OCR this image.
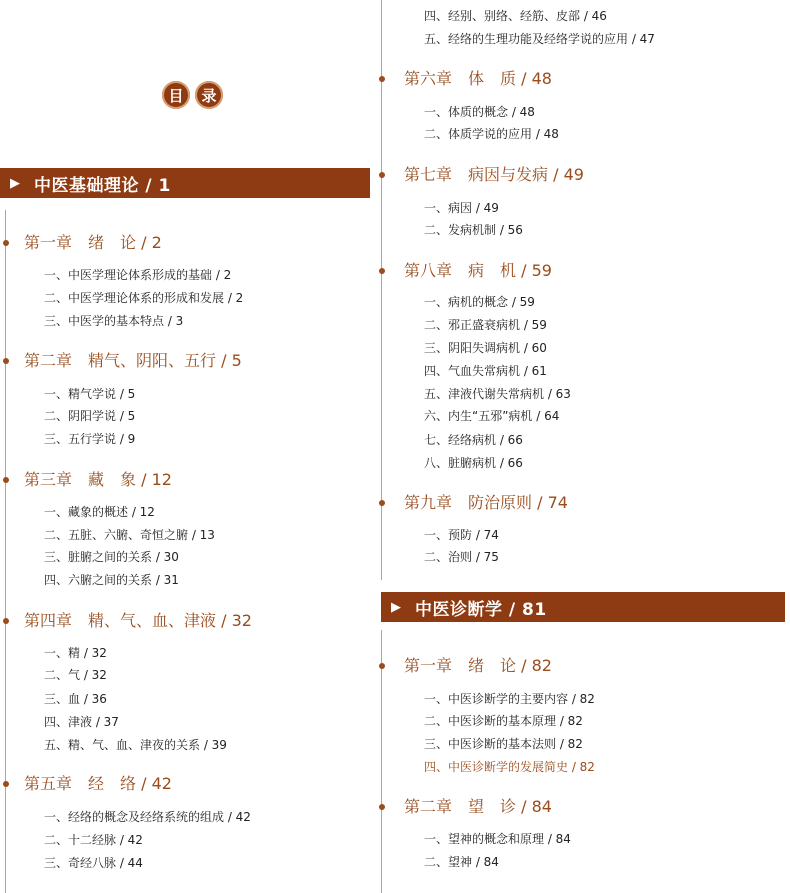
目	录
▶ 中医基础理论 / 1
▶ 中医诊断学 / 81
第一章　绪　论 / 2
一、中医学理论体系形成的基础 / 2
二、中医学理论体系的形成和发展 / 2
三、中医学的基本特点 / 3
第二章　精气、阴阳、五行 / 5
一、精气学说 / 5
二、阴阳学说 / 5
三、五行学说 / 9
第三章　藏　象 / 12
一、藏象的概述 / 12
二、五脏、六腑、奇恒之腑 / 13
三、脏腑之间的关系 / 30
四、六腑之间的关系 / 31
第四章　精、气、血、津液 / 32
一、精 / 32
二、气 / 32
三、血 / 36
四、津液 / 37
五、精、气、血、津夜的关系 / 39
第五章　经　络 / 42
一、经络的概念及经络系统的组成 / 42
二、十二经脉 / 42
三、奇经八脉 / 44
四、经别、别络、经筋、皮部 / 46
五、经络的生理功能及经络学说的应用 / 47
第六章　体　质 / 48
一、体质的概念 / 48
二、体质学说的应用 / 48
第七章　病因与发病 / 49
一、病因 / 49
二、发病机制 / 56
第八章　病　机 / 59
一、病机的概念 / 59
二、邪正盛衰病机 / 59
三、阴阳失调病机 / 60
四、气血失常病机 / 61
五、津液代谢失常病机 / 63
六、内生“五邪”病机 / 64
七、经络病机 / 66
八、脏腑病机 / 66
第九章　防治原则 / 74
一、预防 / 74
二、治则 / 75
第一章　绪　论 / 82
一、中医诊断学的主要内容 / 82
二、中医诊断的基本原理 / 82
三、中医诊断的基本法则 / 82
四、中医诊断学的发展简史 / 82
第二章　望　诊 / 84
一、望神的概念和原理 / 84
二、望神 / 84
